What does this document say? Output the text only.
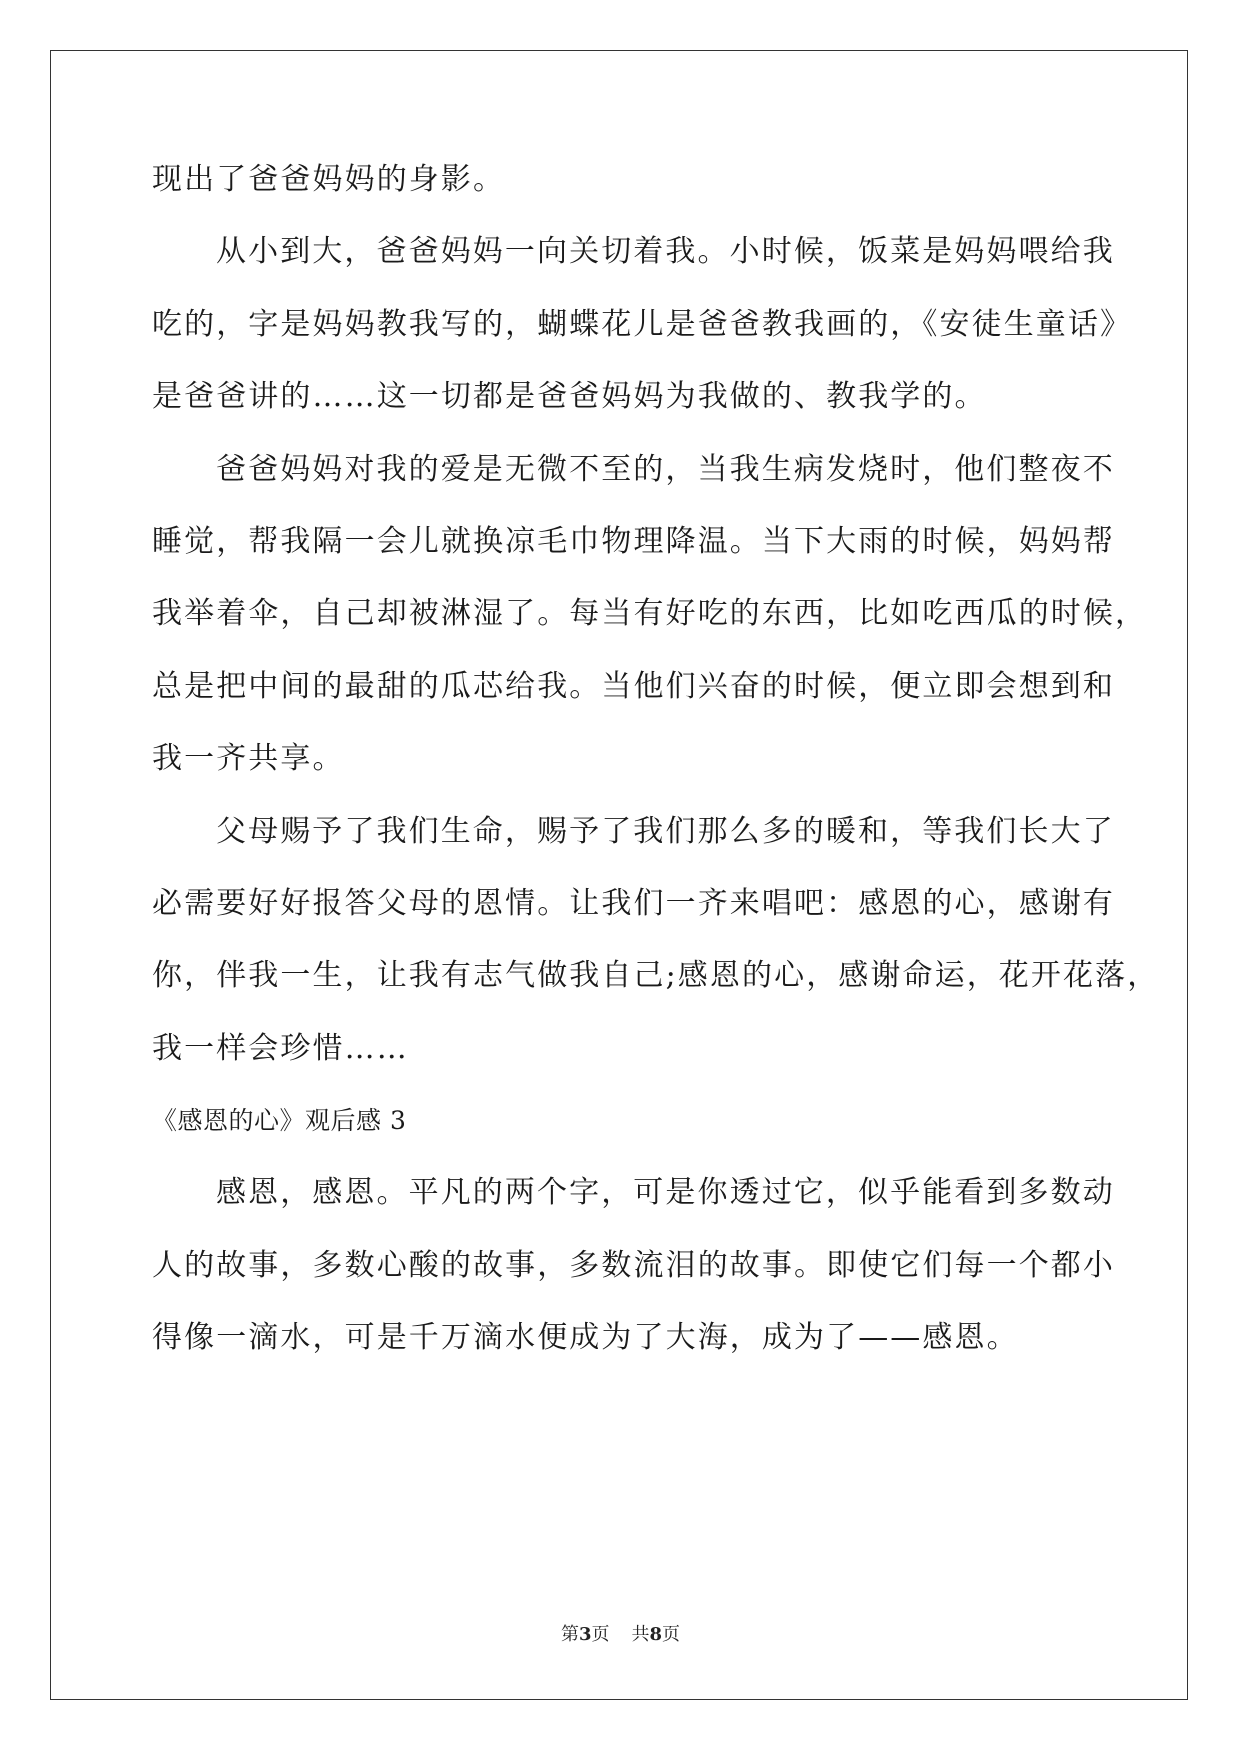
现出了爸爸妈妈的身影。
从小到大，爸爸妈妈一向关切着我。小时候，饭菜是妈妈喂给我
吃的，字是妈妈教我写的，蝴蝶花儿是爸爸教我画的，《安徒生童话》
是爸爸讲的……这一切都是爸爸妈妈为我做的、教我学的。
爸爸妈妈对我的爱是无微不至的，当我生病发烧时，他们整夜不
睡觉，帮我隔一会儿就换凉毛巾物理降温。当下大雨的时候，妈妈帮
我举着伞，自己却被淋湿了。每当有好吃的东西，比如吃西瓜的时候，
总是把中间的最甜的瓜芯给我。当他们兴奋的时候，便立即会想到和
我一齐共享。
父母赐予了我们生命，赐予了我们那么多的暖和，等我们长大了
必需要好好报答父母的恩情。让我们一齐来唱吧：感恩的心，感谢有
你，伴我一生，让我有志气做我自己;感恩的心，感谢命运，花开花落，
我一样会珍惜……
《感恩的心》观后感 3
感恩，感恩。平凡的两个字，可是你透过它，似乎能看到多数动
人的故事，多数心酸的故事，多数流泪的故事。即使它们每一个都小
得像一滴水，可是千万滴水便成为了大海，成为了——感恩。
第3页 共8页
